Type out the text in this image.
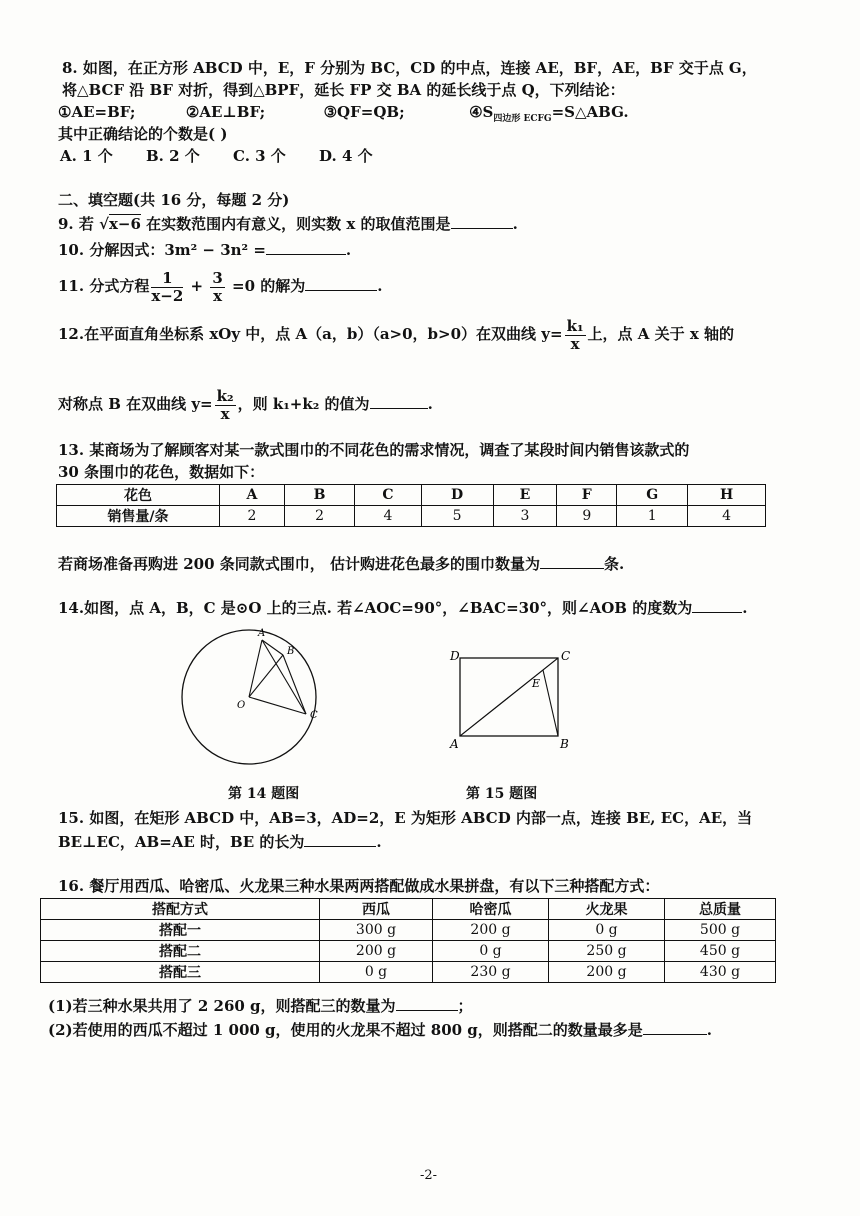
8. 如图，在正方形 ABCD 中，E，F 分别为 BC，CD 的中点，连接 AE，BF，AE，BF 交于点 G，
将△BCF 沿 BF 对折，得到△BPF，延长 FP 交 BA 的延长线于点 Q，下列结论：
①AE=BF;	②AE⊥BF;	③QF=QB;	$④S_{四边形 ECFG}=S\triangle ABG$.
其中正确结论的个数是( )
A. 1 个 B. 2 个 C. 3 个 D. 4 个
二、填空题(共 16 分，每题 2 分)
9. 若 √x−6 在实数范围内有意义，则实数 x 的取值范围是	.
10. 分解因式：3m² − 3n² =	.
11. 分式方程 $\frac{1}{x-2} + \frac{3}{x} =0$ 的解为	.
12.在平面直角坐标系 xOy 中，点 A（a，b）（a>0，b>0）在双曲线 $y= \frac{\text{k₁}}{x}$ 上，点 A 关于 x 轴的
对称点 B 在双曲线 $y= \frac{\text{k₂}}{x}$ ，则 k₁+k₂ 的值为	.
13. 某商场为了解顾客对某一款式围巾的不同花色的需求情况，调查了某段时间内销售该款式的
30 条围巾的花色，数据如下：
花色	A	B	C	D	E	F	G	H
销售量/条	2	2	4	5	3	9	1	4
若商场准备再购进 200 条同款式围巾， 估计购进花色最多的围巾数量为	条.
14.如图，点 A，B，C 是⊙O 上的三点. 若∠AOC=90°，∠BAC=30°，则∠AOB 的度数为	.
A
B
C
O
D	C
E
A	B
第 14 题图	第 15 题图
15. 如图，在矩形 ABCD 中，AB=3，AD=2，E 为矩形 ABCD 内部一点，连接 BE, EC，AE，当
BE⊥EC，AB=AE 时，BE 的长为	.
16. 餐厅用西瓜、哈密瓜、火龙果三种水果两两搭配做成水果拼盘，有以下三种搭配方式：
搭配方式	西瓜	哈密瓜	火龙果	总质量
搭配一	300 g	200 g	0 g	500 g
搭配二	200 g	0 g	250 g	450 g
搭配三	0 g	230 g	200 g	430 g
(1)若三种水果共用了 2 260 g，则搭配三的数量为	；
(2)若使用的西瓜不超过 1 000 g，使用的火龙果不超过 800 g，则搭配二的数量最多是	.
-2-
